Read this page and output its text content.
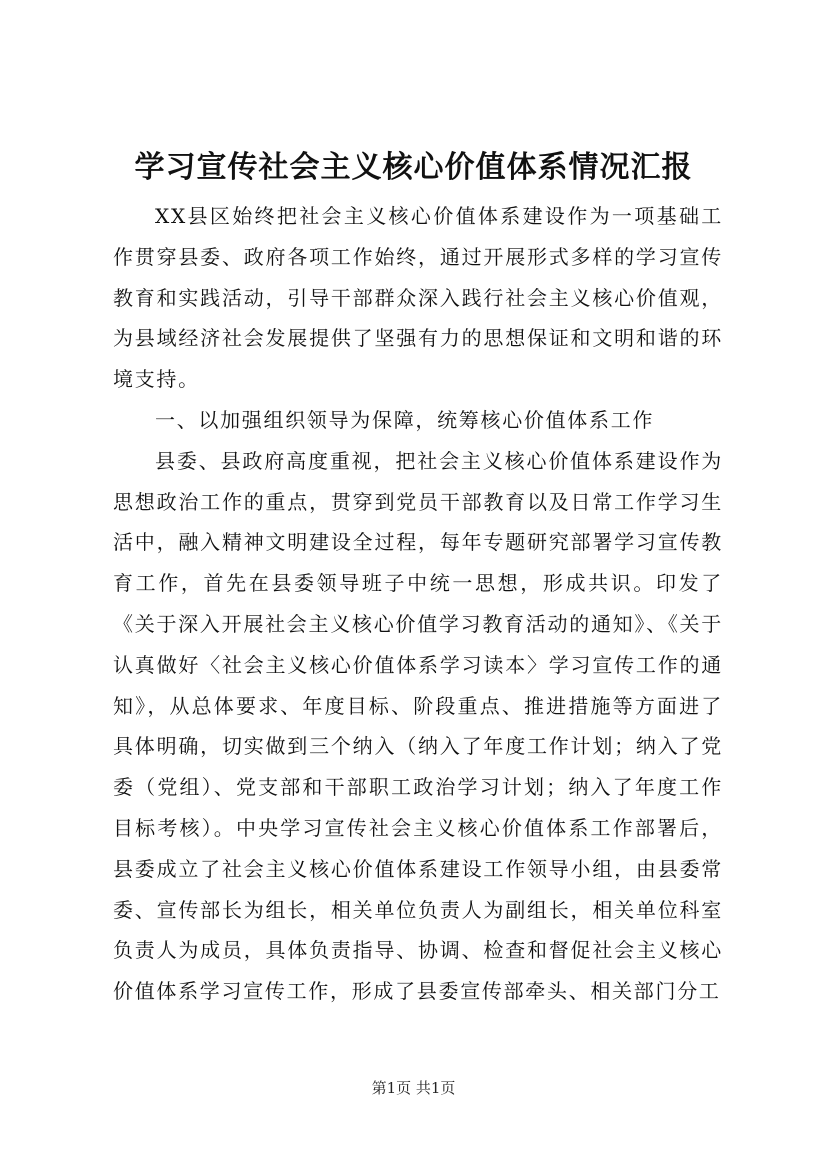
学习宣传社会主义核心价值体系情况汇报

XX县区始终把社会主义核心价值体系建设作为一项基础工作贯穿县委、政府各项工作始终，通过开展形式多样的学习宣传教育和实践活动，引导干部群众深入践行社会主义核心价值观，为县域经济社会发展提供了坚强有力的思想保证和文明和谐的环境支持。

一、以加强组织领导为保障，统筹核心价值体系工作

县委、县政府高度重视，把社会主义核心价值体系建设作为思想政治工作的重点，贯穿到党员干部教育以及日常工作学习生活中，融入精神文明建设全过程，每年专题研究部署学习宣传教育工作，首先在县委领导班子中统一思想，形成共识。印发了《关于深入开展社会主义核心价值学习教育活动的通知》、《关于认真做好〈社会主义核心价值体系学习读本〉学习宣传工作的通知》，从总体要求、年度目标、阶段重点、推进措施等方面进了具体明确，切实做到三个纳入（纳入了年度工作计划；纳入了党委（党组）、党支部和干部职工政治学习计划；纳入了年度工作目标考核）。中央学习宣传社会主义核心价值体系工作部署后，县委成立了社会主义核心价值体系建设工作领导小组，由县委常委、宣传部长为组长，相关单位负责人为副组长，相关单位科室负责人为成员，具体负责指导、协调、检查和督促社会主义核心价值体系学习宣传工作，形成了县委宣传部牵头、相关部门分工

第1页 共1页
